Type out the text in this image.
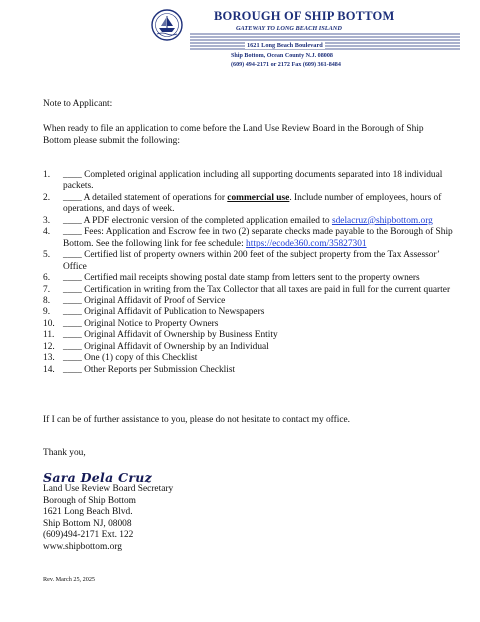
BOROUGH OF SHIP BOTTOM
GATEWAY TO LONG BEACH ISLAND
1621 Long Beach Boulevard
Ship Bottom, Ocean County N.J. 08008
(609) 494-2171 or 2172 Fax (609) 361-8484
Note to Applicant:
When ready to file an application to come before the Land Use Review Board in the Borough of Ship
Bottom please submit the following:
1.	____ Completed original application including all supporting documents separated into 18 individual packets.
2.	____ A detailed statement of operations for commercial use. Include number of employees, hours of operations, and days of week.
3.	____ A PDF electronic version of the completed application emailed to sdelacruz@shipbottom.org
4.	____ Fees: Application and Escrow fee in two (2) separate checks made payable to the Borough of Ship Bottom. See the following link for fee schedule: https://ecode360.com/35827301
5.	____ Certified list of property owners within 200 feet of the subject property from the Tax Assessor’ Office
6.	____ Certified mail receipts showing postal date stamp from letters sent to the property owners
7.	____ Certification in writing from the Tax Collector that all taxes are paid in full for the current quarter
8.	____ Original Affidavit of Proof of Service
9.	____ Original Affidavit of Publication to Newspapers
10. ____ Original Notice to Property Owners
11. ____ Original Affidavit of Ownership by Business Entity
12. ____ Original Affidavit of Ownership by an Individual
13. ____ One (1) copy of this Checklist
14. ____ Other Reports per Submission Checklist
If I can be of further assistance to you, please do not hesitate to contact my office.
Thank you,
Sara Dela Cruz
Land Use Review Board Secretary
Borough of Ship Bottom
1621 Long Beach Blvd.
Ship Bottom NJ, 08008
(609)494-2171 Ext. 122
www.shipbottom.org
Rev. March 25, 2025
